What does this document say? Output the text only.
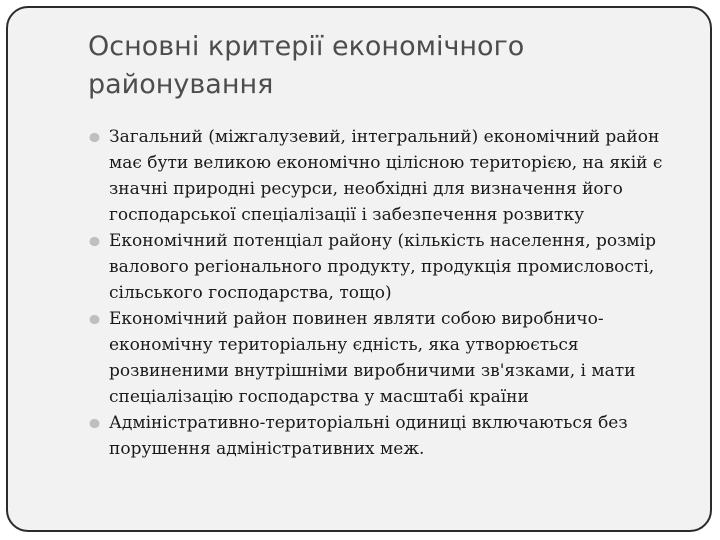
Основні критерії економічного районування
Загальний (міжгалузевий, інтегральний) економічний район має бути великою економічно цілісною територією, на якій є значні природні ресурси, необхідні для визначення його господарської спеціалізації і забезпечення розвитку
Економічний потенціал району (кількість населення, розмір валового регіонального продукту, продукція промисловості, сільського господарства, тощо)
Економічний район повинен являти собою виробничо-економічну територіальну єдність, яка утворюється розвиненими внутрішніми виробничими зв'язками, і мати спеціалізацію господарства у масштабі країни
Адміністративно-територіальні одиниці включаються без порушення адміністративних меж.
